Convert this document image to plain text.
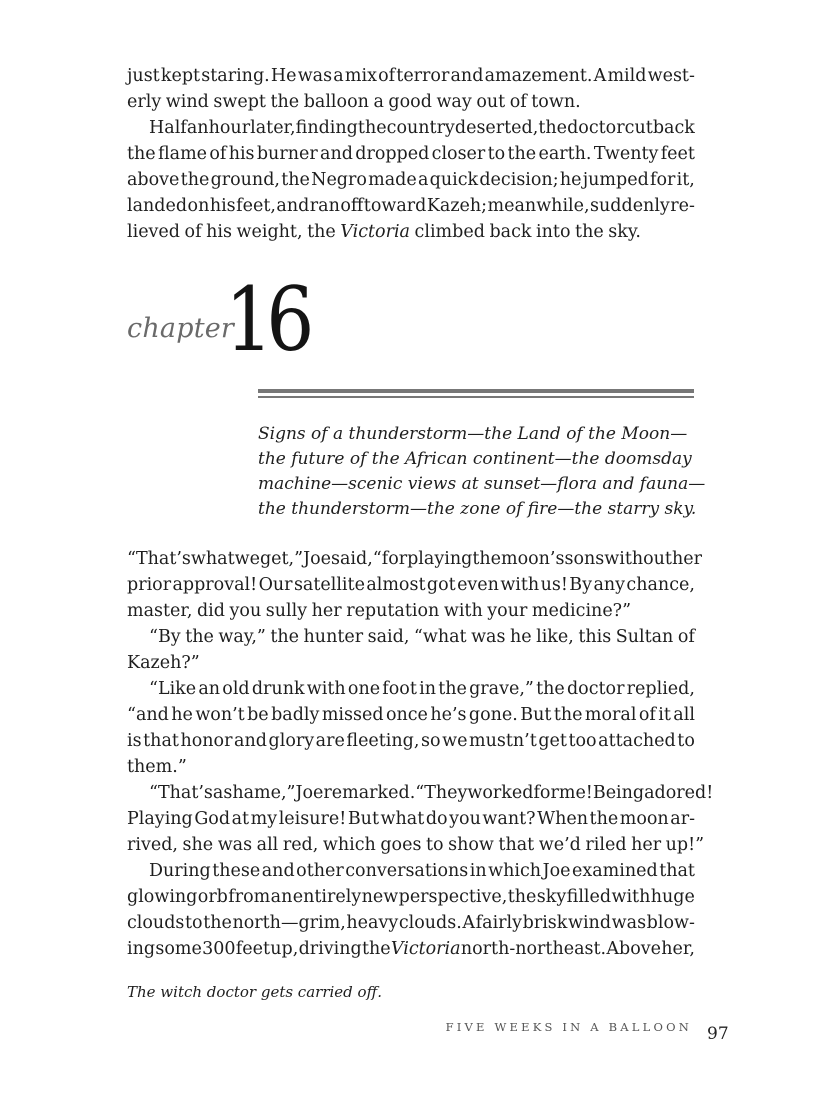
just kept staring. He was a mix of terror and amazement. A mild west-
erly wind swept the balloon a good way out of town.
Half an hour later, finding the country deserted, the doctor cut back
the flame of his burner and dropped closer to the earth. Twenty feet
above the ground, the Negro made a quick decision; he jumped for it,
landed on his feet, and ran off toward Kazeh; meanwhile, suddenly re-
lieved of his weight, the Victoria climbed back into the sky.
chapter
16
Signs of a thunderstorm—the Land of the Moon—
the future of the African continent—the doomsday
machine—scenic views at sunset—flora and fauna—
the thunderstorm—the zone of fire—the starry sky.
“That’s what we get,” Joe said, “for playing the moon’s sons without her
prior approval! Our satellite almost got even with us! By any chance,
master, did you sully her reputation with your medicine?”
“By the way,” the hunter said, “what was he like, this Sultan of
Kazeh?”
“Like an old drunk with one foot in the grave,” the doctor replied,
“and he won’t be badly missed once he’s gone. But the moral of it all
is that honor and glory are fleeting, so we mustn’t get too attached to
them.”
“That’s a shame,” Joe remarked. “They worked for me! Being adored!
Playing God at my leisure! But what do you want? When the moon ar-
rived, she was all red, which goes to show that we’d riled her up!”
During these and other conversations in which Joe examined that
glowing orb from an entirely new perspective, the sky filled with huge
clouds to the north—grim, heavy clouds. A fairly brisk wind was blow-
ing some 300 feet up, driving the Victoria north-northeast. Above her,
The witch doctor gets carried off.
FIVE WEEKS IN A BALLOON 97
